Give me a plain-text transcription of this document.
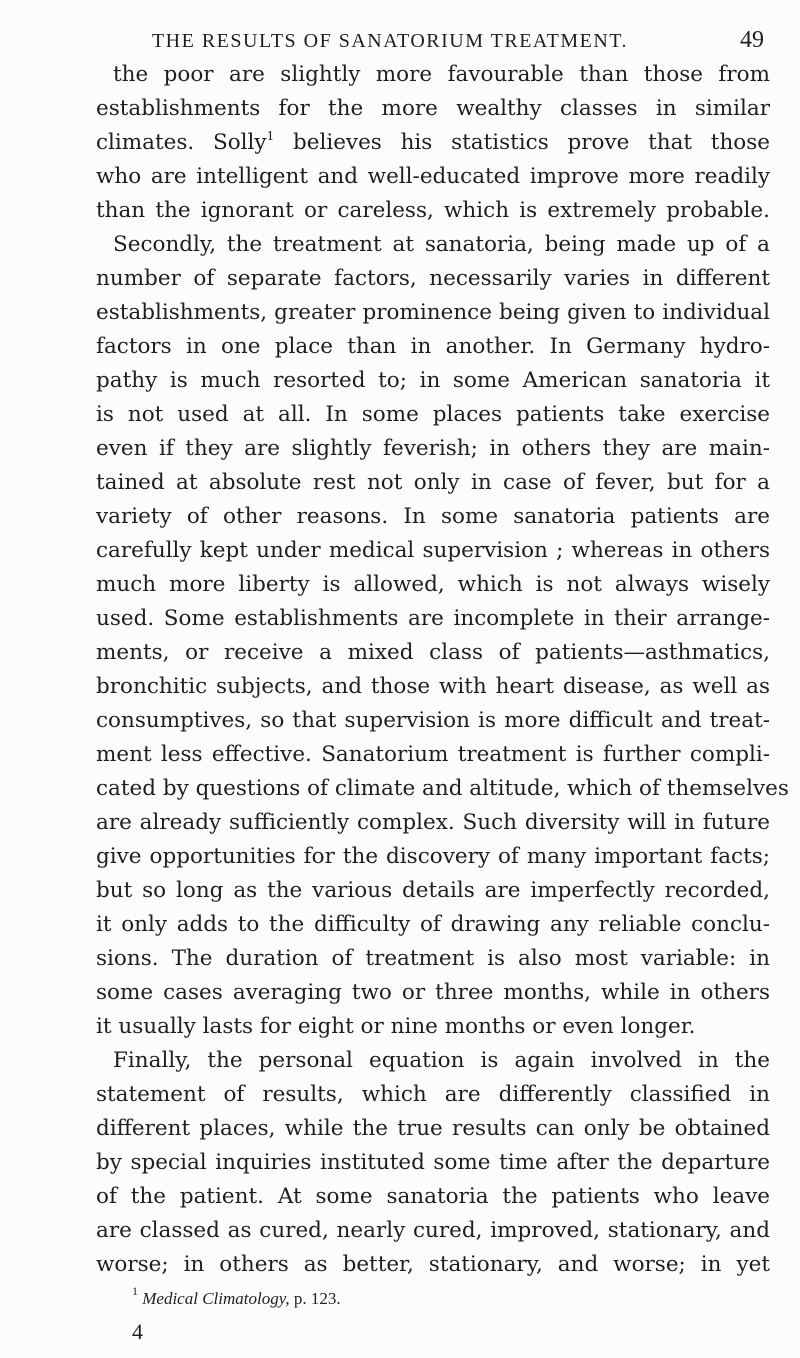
THE RESULTS OF SANATORIUM TREATMENT.	49
the poor are slightly more favourable than those from
establishments for the more wealthy classes in similar
climates. Solly$^1$ believes his statistics prove that those
who are intelligent and well-educated improve more readily
than the ignorant or careless, which is extremely probable.
Secondly, the treatment at sanatoria, being made up of a
number of separate factors, necessarily varies in different
establishments, greater prominence being given to individual
factors in one place than in another. In Germany hydro-
pathy is much resorted to; in some American sanatoria it
is not used at all. In some places patients take exercise
even if they are slightly feverish; in others they are main-
tained at absolute rest not only in case of fever, but for a
variety of other reasons. In some sanatoria patients are
carefully kept under medical supervision ; whereas in others
much more liberty is allowed, which is not always wisely
used. Some establishments are incomplete in their arrange-
ments, or receive a mixed class of patients—asthmatics,
bronchitic subjects, and those with heart disease, as well as
consumptives, so that supervision is more difficult and treat-
ment less effective. Sanatorium treatment is further compli-
cated by questions of climate and altitude, which of themselves
are already sufficiently complex. Such diversity will in future
give opportunities for the discovery of many important facts;
but so long as the various details are imperfectly recorded,
it only adds to the difficulty of drawing any reliable conclu-
sions. The duration of treatment is also most variable: in
some cases averaging two or three months, while in others
it usually lasts for eight or nine months or even longer.
Finally, the personal equation is again involved in the
statement of results, which are differently classified in
different places, while the true results can only be obtained
by special inquiries instituted some time after the departure
of the patient. At some sanatoria the patients who leave
are classed as cured, nearly cured, improved, stationary, and
worse; in others as better, stationary, and worse; in yet
$^1$ Medical Climatology, p. 123.
4
